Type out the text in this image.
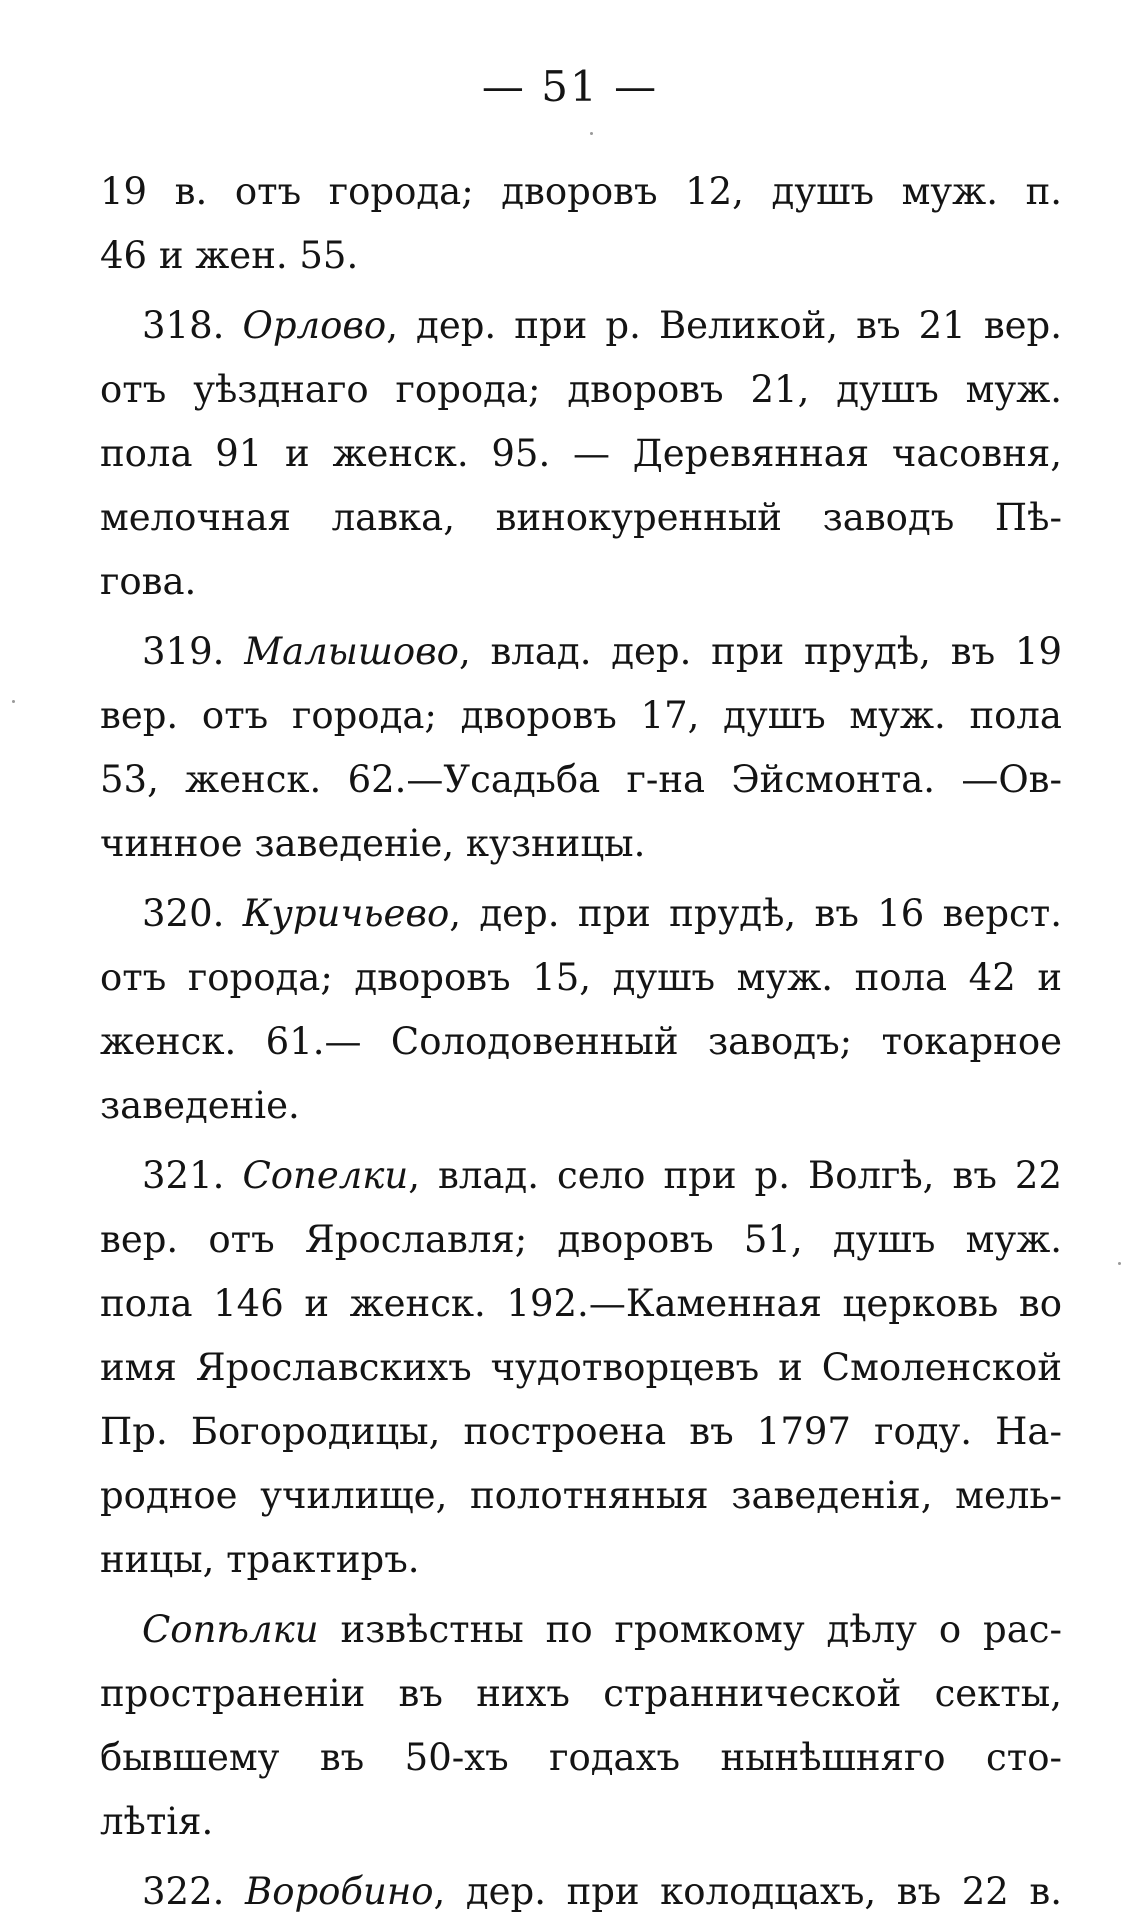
— 51 —

19 в. отъ города; дворовъ 12, душъ муж. п.
46 и жен. 55.

318. Орлово, дер. при р. Великой, въ 21 вер.
отъ уѣзднаго города; дворовъ 21, душъ муж.
пола 91 и женск. 95. — Деревянная часовня,
мелочная лавка, винокуренный заводъ Пѣ-
гова.

319. Малышово, влад. дер. при прудѣ, въ 19
вер. отъ города; дворовъ 17, душъ муж. пола
53, женск. 62.—Усадьба г-на Эйсмонта. —Ов-
чинное заведеніе, кузницы.

320. Куричьево, дер. при прудѣ, въ 16 верст.
отъ города; дворовъ 15, душъ муж. пола 42 и
женск. 61.— Солодовенный заводъ; токарное
заведеніе.

321. Сопелки, влад. село при р. Волгѣ, въ 22
вер. отъ Ярославля; дворовъ 51, душъ муж.
пола 146 и женск. 192.—Каменная церковь во
имя Ярославскихъ чудотворцевъ и Смоленской
Пр. Богородицы, построена въ 1797 году. На-
родное училище, полотняныя заведенія, мель-
ницы, трактиръ.

Сопѣлки извѣстны по громкому дѣлу о рас-
пространеніи въ нихъ страннической секты,
бывшему въ 50-хъ годахъ нынѣшняго сто-
лѣтія.

322. Воробино, дер. при колодцахъ, въ 22 в.
